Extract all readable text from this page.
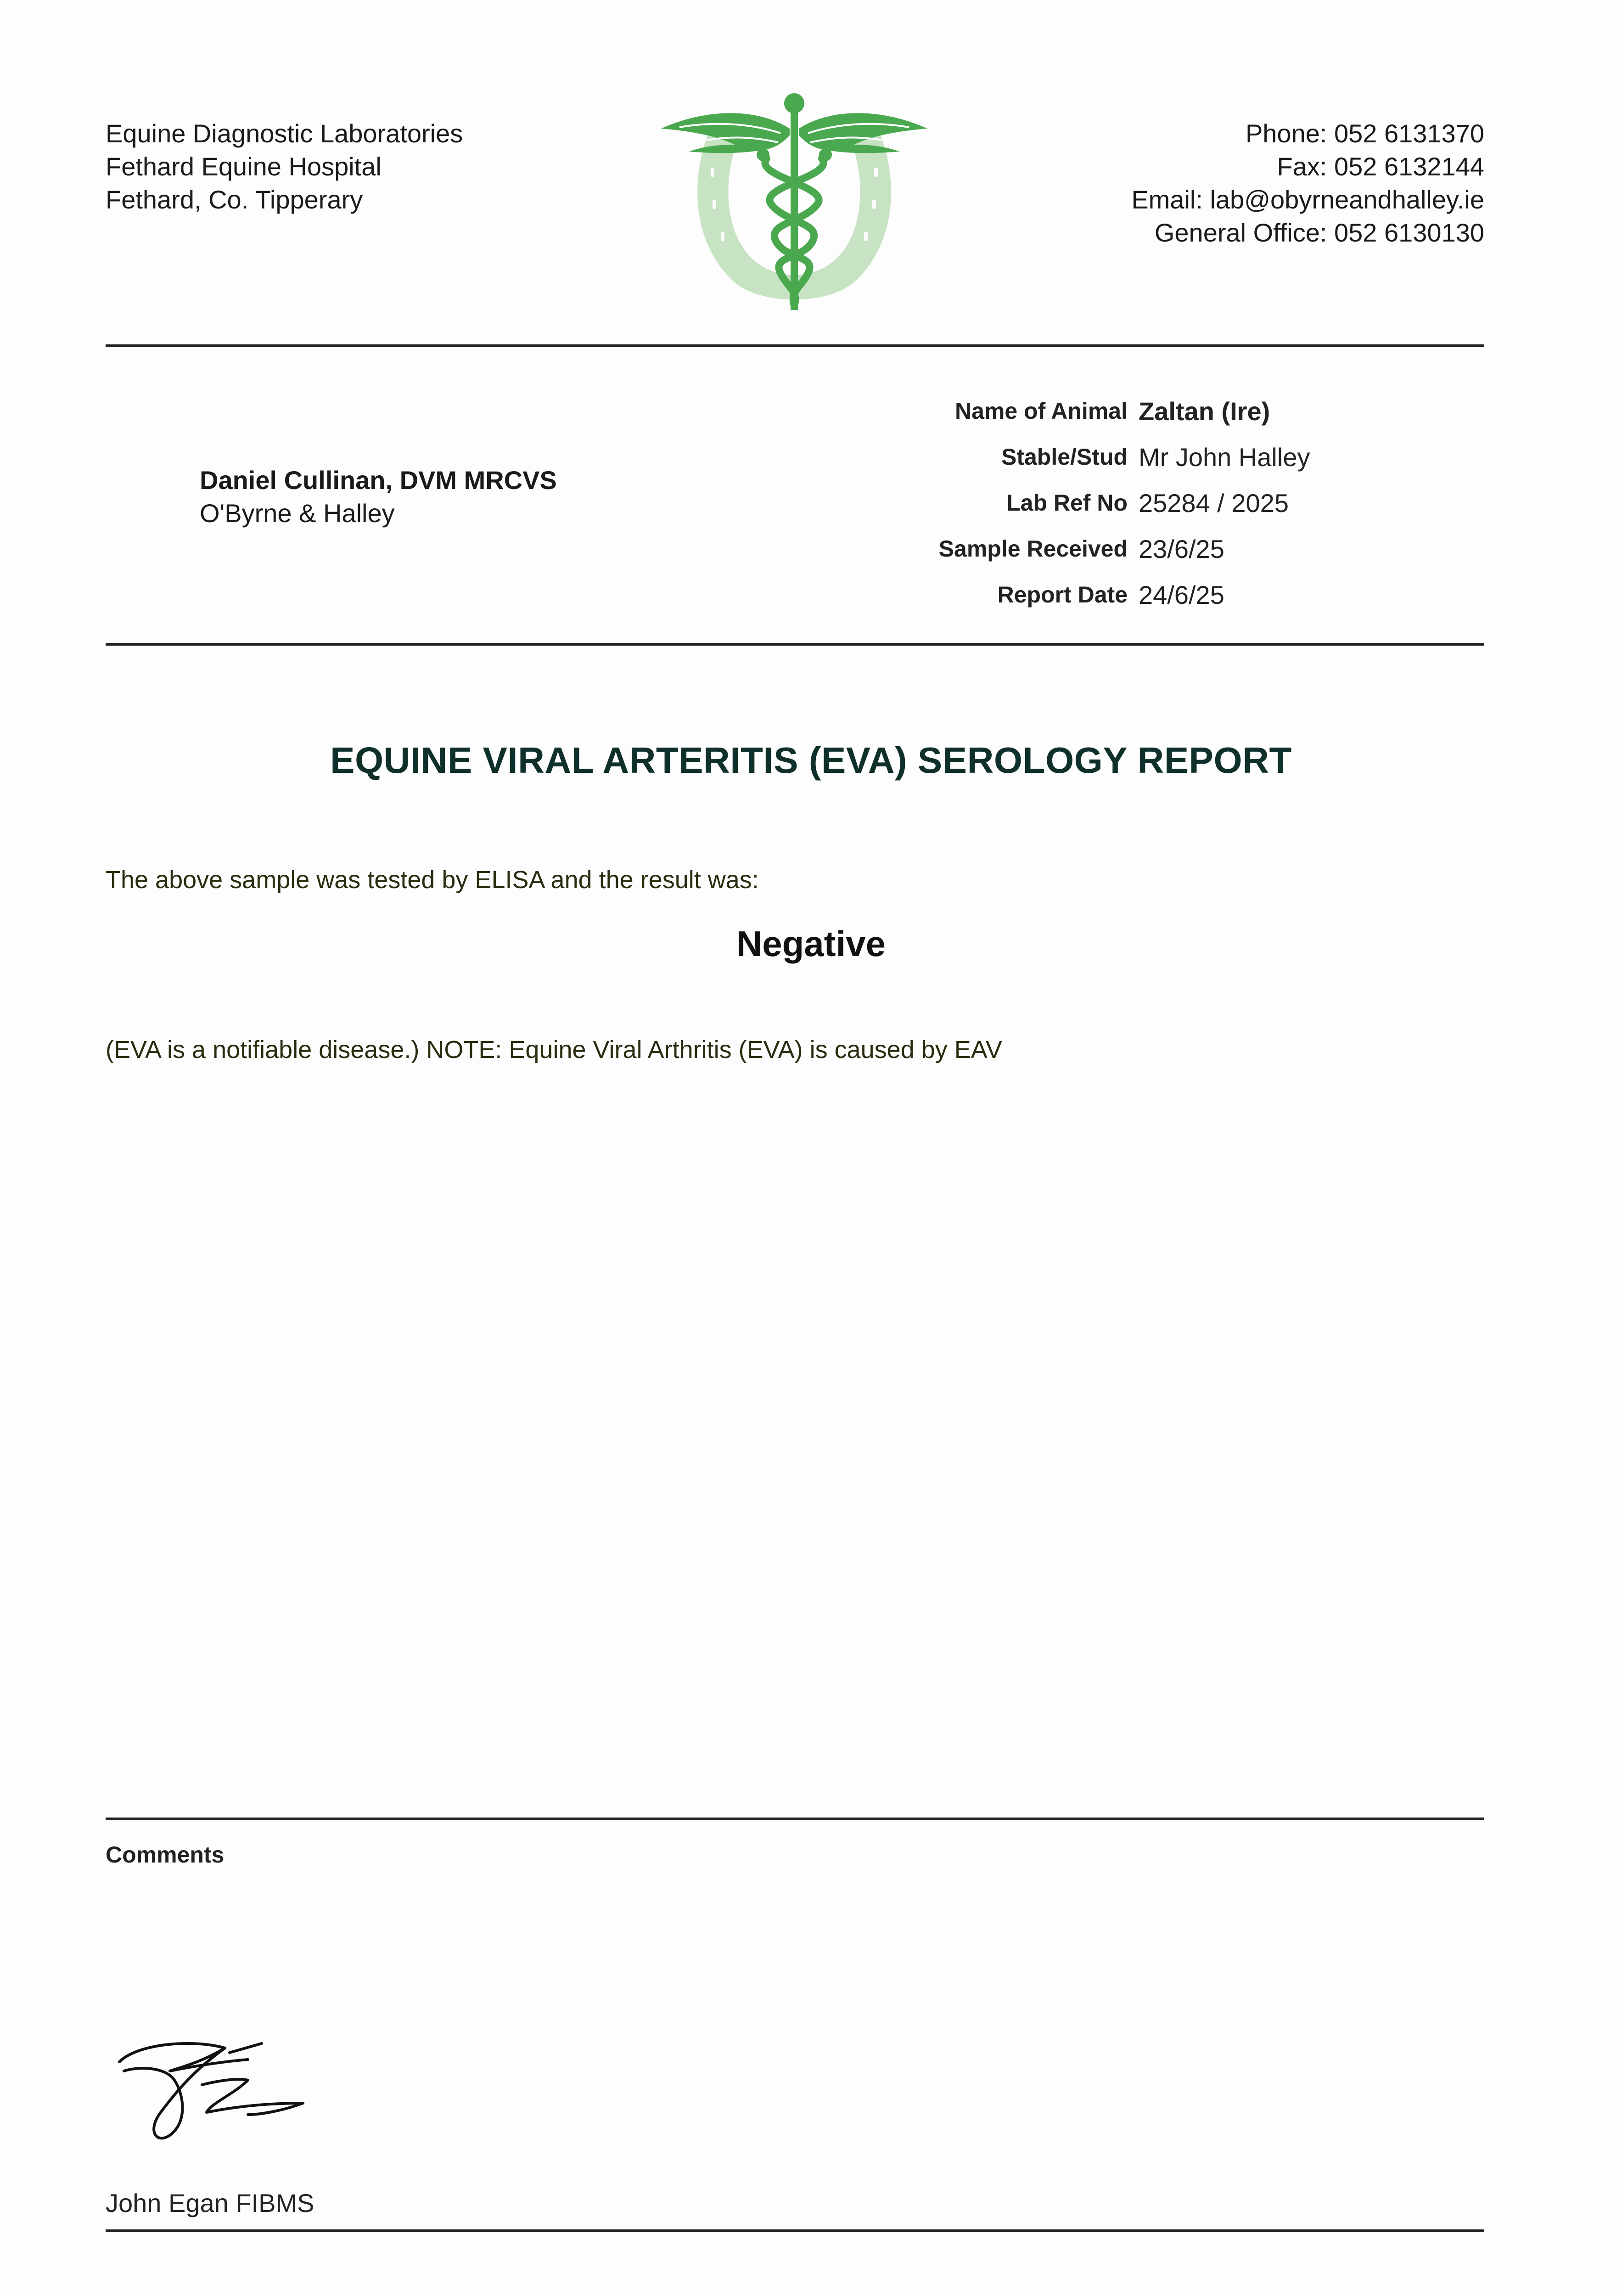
Equine Diagnostic Laboratories
Fethard Equine Hospital
Fethard, Co. Tipperary
Phone: 052 6131370
Fax: 052 6132144
Email: lab@obyrneandhalley.ie
General Office: 052 6130130
Daniel Cullinan, DVM MRCVS
O'Byrne & Halley
Name of Animal Zaltan (Ire)
Stable/Stud Mr John Halley
Lab Ref No 25284 / 2025
Sample Received 23/6/25
Report Date 24/6/25
EQUINE VIRAL ARTERITIS (EVA) SEROLOGY REPORT
The above sample was tested by ELISA and the result was:
Negative
(EVA is a notifiable disease.) NOTE: Equine Viral Arthritis (EVA) is caused by EAV
Comments
John Egan FIBMS
